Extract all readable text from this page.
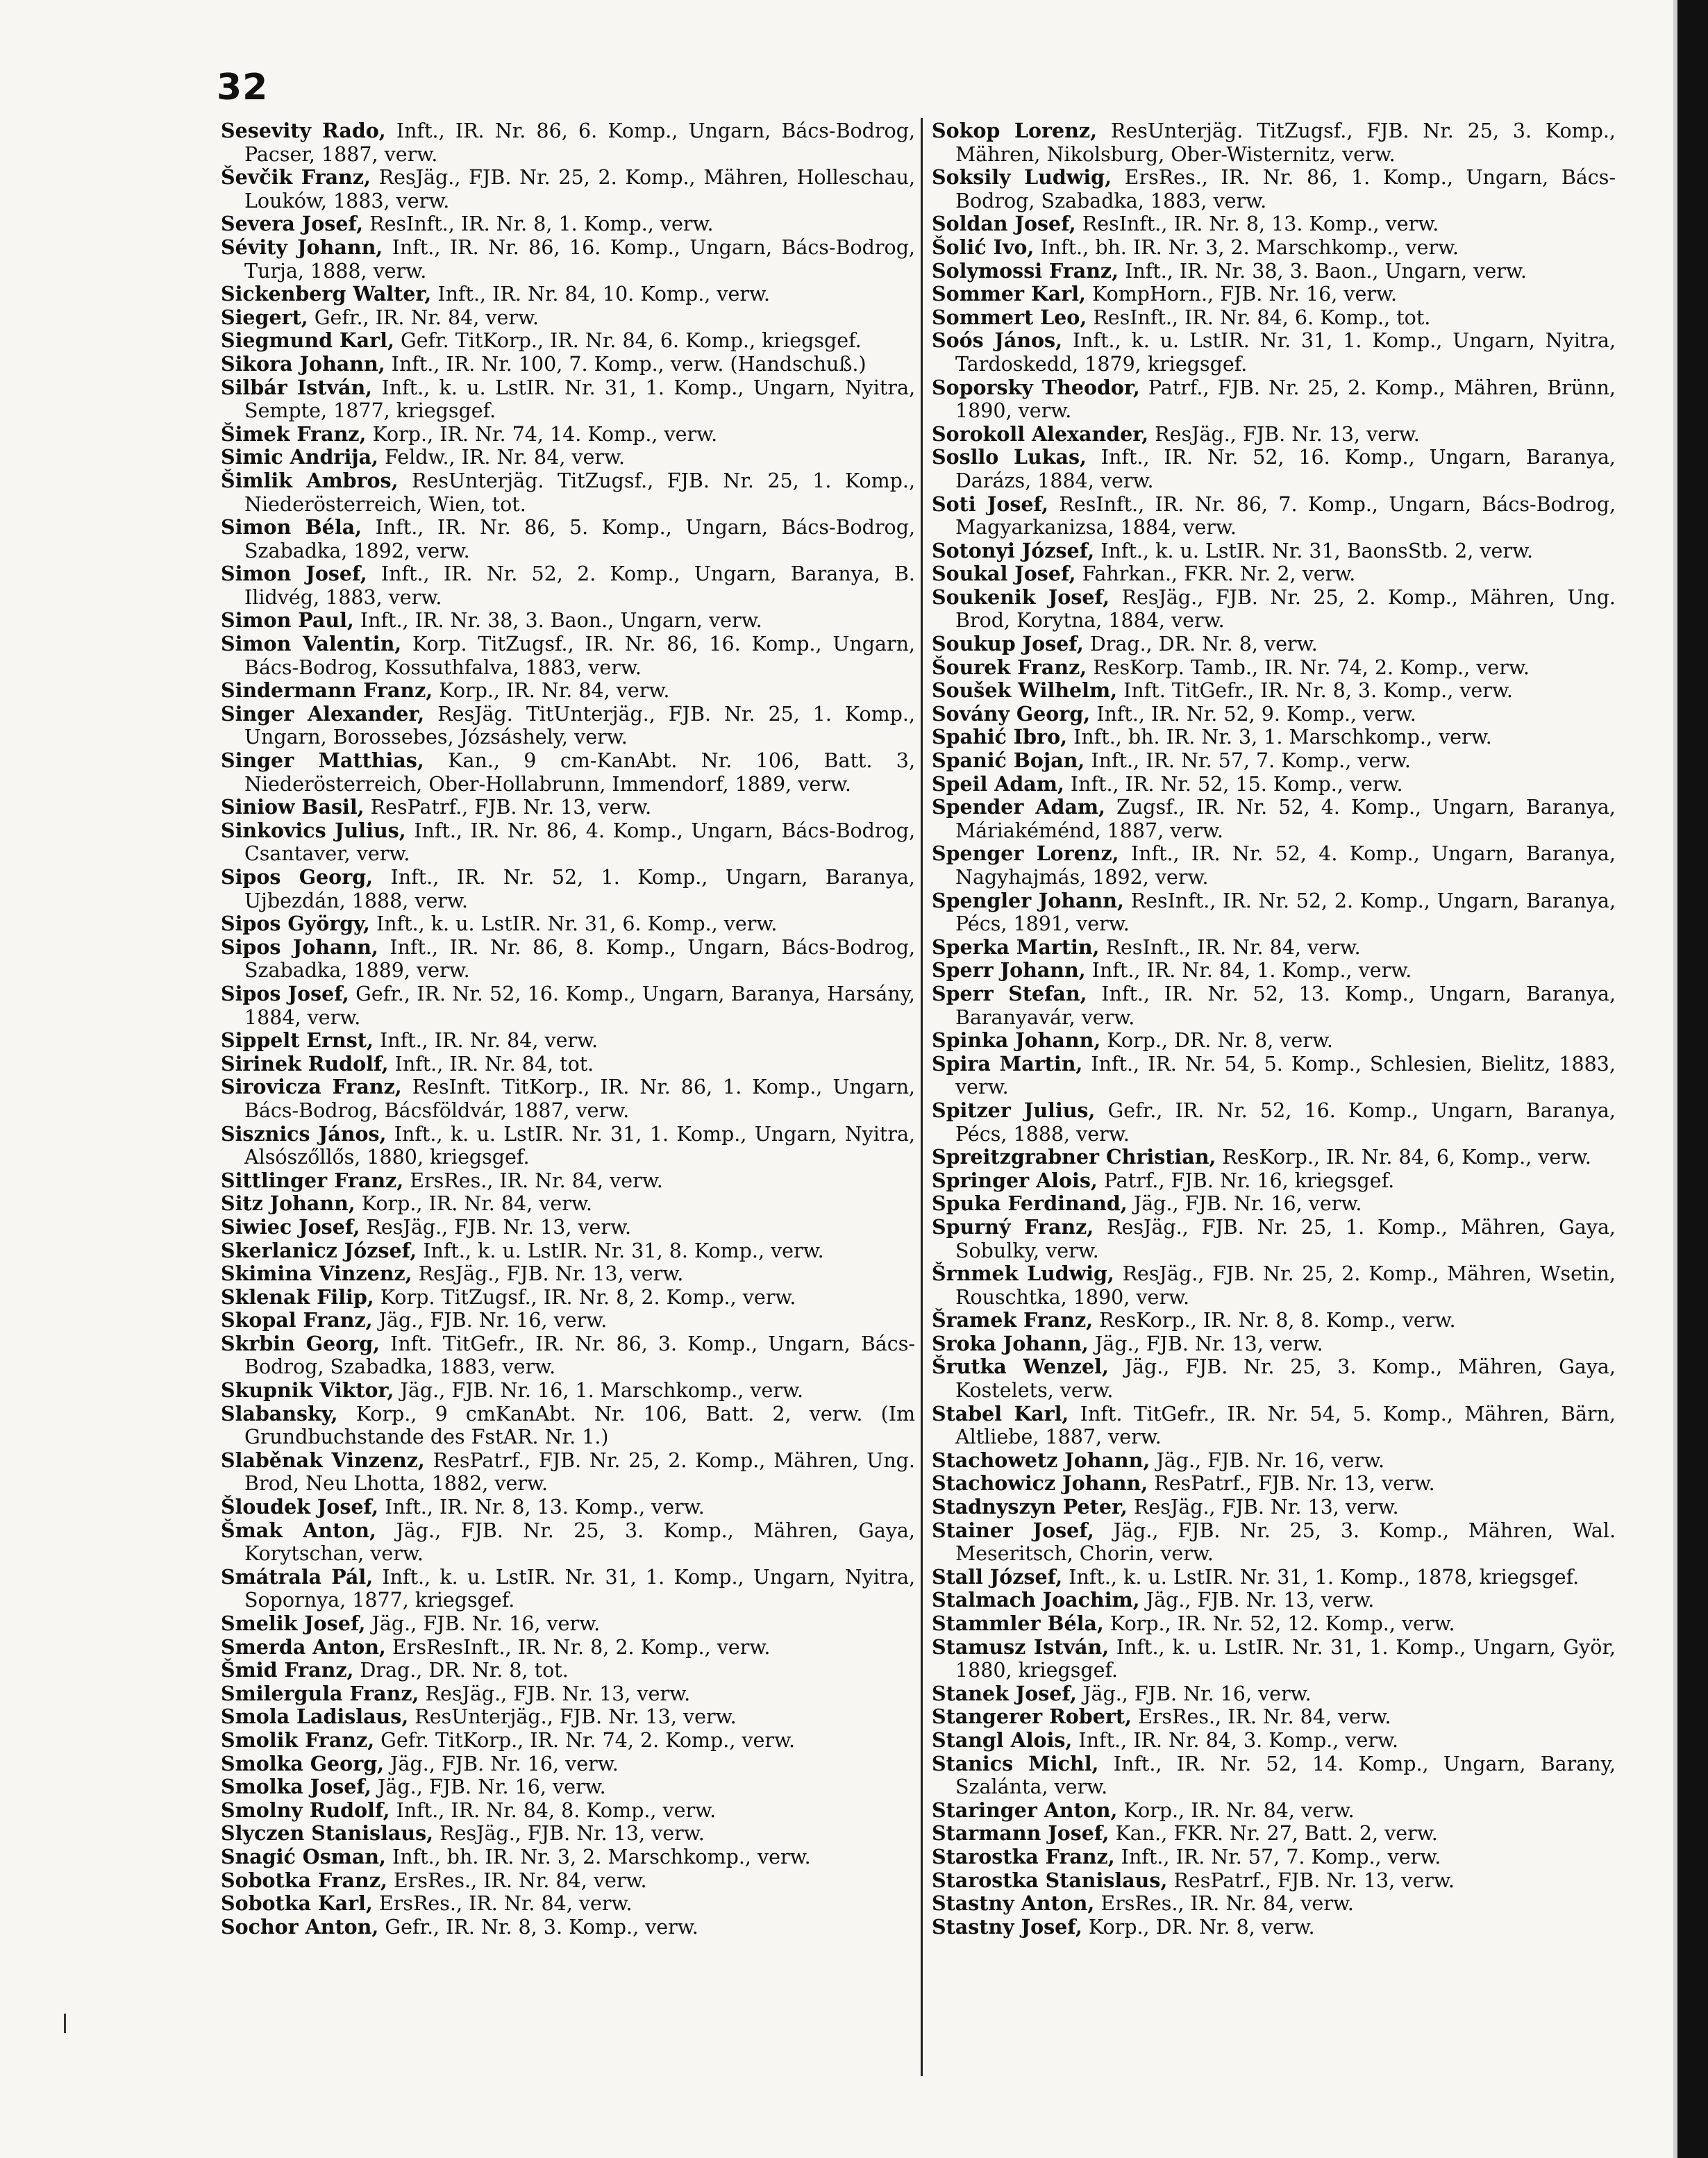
32

Sesevity Rado, Inft., IR. Nr. 86, 6. Komp., Ungarn, Bács-Bodrog, Pacser, 1887, verw.

Ševčik Franz, ResJäg., FJB. Nr. 25, 2. Komp., Mähren, Holleschau, Louków, 1883, verw.

Severa Josef, ResInft., IR. Nr. 8, 1. Komp., verw.

Sévity Johann, Inft., IR. Nr. 86, 16. Komp., Ungarn, Bács-Bodrog, Turja, 1888, verw.

Sickenberg Walter, Inft., IR. Nr. 84, 10. Komp., verw.

Siegert, Gefr., IR. Nr. 84, verw.

Siegmund Karl, Gefr. TitKorp., IR. Nr. 84, 6. Komp., kriegsgef.

Sikora Johann, Inft., IR. Nr. 100, 7. Komp., verw. (Handschuß.)

Silbár István, Inft., k. u. LstIR. Nr. 31, 1. Komp., Ungarn, Nyitra, Sempte, 1877, kriegsgef.

Šimek Franz, Korp., IR. Nr. 74, 14. Komp., verw.

Simic Andrija, Feldw., IR. Nr. 84, verw.

Šimlik Ambros, ResUnterjäg. TitZugsf., FJB. Nr. 25, 1. Komp., Niederösterreich, Wien, tot.

Simon Béla, Inft., IR. Nr. 86, 5. Komp., Ungarn, Bács-Bodrog, Szabadka, 1892, verw.

Simon Josef, Inft., IR. Nr. 52, 2. Komp., Ungarn, Baranya, B. Ilidvég, 1883, verw.

Simon Paul, Inft., IR. Nr. 38, 3. Baon., Ungarn, verw.

Simon Valentin, Korp. TitZugsf., IR. Nr. 86, 16. Komp., Ungarn, Bács-Bodrog, Kossuthfalva, 1883, verw.

Sindermann Franz, Korp., IR. Nr. 84, verw.

Singer Alexander, ResJäg. TitUnterjäg., FJB. Nr. 25, 1. Komp., Ungarn, Borossebes, Józsáshely, verw.

Singer Matthias, Kan., 9 cm-KanAbt. Nr. 106, Batt. 3, Niederösterreich, Ober-Hollabrunn, Immendorf, 1889, verw.

Siniow Basil, ResPatrf., FJB. Nr. 13, verw.

Sinkovics Julius, Inft., IR. Nr. 86, 4. Komp., Ungarn, Bács-Bodrog, Csantaver, verw.

Sipos Georg, Inft., IR. Nr. 52, 1. Komp., Ungarn, Baranya, Ujbezdán, 1888, verw.

Sipos György, Inft., k. u. LstIR. Nr. 31, 6. Komp., verw.

Sipos Johann, Inft., IR. Nr. 86, 8. Komp., Ungarn, Bács-Bodrog, Szabadka, 1889, verw.

Sipos Josef, Gefr., IR. Nr. 52, 16. Komp., Ungarn, Baranya, Harsány, 1884, verw.

Sippelt Ernst, Inft., IR. Nr. 84, verw.

Sirinek Rudolf, Inft., IR. Nr. 84, tot.

Sirovicza Franz, ResInft. TitKorp., IR. Nr. 86, 1. Komp., Ungarn, Bács-Bodrog, Bácsföldvár, 1887, verw.

Sisznics János, Inft., k. u. LstIR. Nr. 31, 1. Komp., Ungarn, Nyitra, Alsószőllős, 1880, kriegsgef.

Sittlinger Franz, ErsRes., IR. Nr. 84, verw.

Sitz Johann, Korp., IR. Nr. 84, verw.

Siwiec Josef, ResJäg., FJB. Nr. 13, verw.

Skerlanicz József, Inft., k. u. LstIR. Nr. 31, 8. Komp., verw.

Skimina Vinzenz, ResJäg., FJB. Nr. 13, verw.

Sklenak Filip, Korp. TitZugsf., IR. Nr. 8, 2. Komp., verw.

Skopal Franz, Jäg., FJB. Nr. 16, verw.

Skrbin Georg, Inft. TitGefr., IR. Nr. 86, 3. Komp., Ungarn, Bács-Bodrog, Szabadka, 1883, verw.

Skupnik Viktor, Jäg., FJB. Nr. 16, 1. Marschkomp., verw.

Slabansky, Korp., 9 cmKanAbt. Nr. 106, Batt. 2, verw. (Im Grundbuchstande des FstAR. Nr. 1.)

Slaběnak Vinzenz, ResPatrf., FJB. Nr. 25, 2. Komp., Mähren, Ung. Brod, Neu Lhotta, 1882, verw.

Šloudek Josef, Inft., IR. Nr. 8, 13. Komp., verw.

Šmak Anton, Jäg., FJB. Nr. 25, 3. Komp., Mähren, Gaya, Korytschan, verw.

Smátrala Pál, Inft., k. u. LstIR. Nr. 31, 1. Komp., Ungarn, Nyitra, Sopornya, 1877, kriegsgef.

Smelik Josef, Jäg., FJB. Nr. 16, verw.

Smerda Anton, ErsResInft., IR. Nr. 8, 2. Komp., verw.

Šmid Franz, Drag., DR. Nr. 8, tot.

Smilergula Franz, ResJäg., FJB. Nr. 13, verw.

Smola Ladislaus, ResUnterjäg., FJB. Nr. 13, verw.

Smolik Franz, Gefr. TitKorp., IR. Nr. 74, 2. Komp., verw.

Smolka Georg, Jäg., FJB. Nr. 16, verw.

Smolka Josef, Jäg., FJB. Nr. 16, verw.

Smolny Rudolf, Inft., IR. Nr. 84, 8. Komp., verw.

Slyczen Stanislaus, ResJäg., FJB. Nr. 13, verw.

Snagić Osman, Inft., bh. IR. Nr. 3, 2. Marschkomp., verw.

Sobotka Franz, ErsRes., IR. Nr. 84, verw.

Sobotka Karl, ErsRes., IR. Nr. 84, verw.

Sochor Anton, Gefr., IR. Nr. 8, 3. Komp., verw.

Sokop Lorenz, ResUnterjäg. TitZugsf., FJB. Nr. 25, 3. Komp., Mähren, Nikolsburg, Ober-Wisternitz, verw.

Soksily Ludwig, ErsRes., IR. Nr. 86, 1. Komp., Ungarn, Bács-Bodrog, Szabadka, 1883, verw.

Soldan Josef, ResInft., IR. Nr. 8, 13. Komp., verw.

Šolić Ivo, Inft., bh. IR. Nr. 3, 2. Marschkomp., verw.

Solymossi Franz, Inft., IR. Nr. 38, 3. Baon., Ungarn, verw.

Sommer Karl, KompHorn., FJB. Nr. 16, verw.

Sommert Leo, ResInft., IR. Nr. 84, 6. Komp., tot.

Soós János, Inft., k. u. LstIR. Nr. 31, 1. Komp., Ungarn, Nyitra, Tardoskedd, 1879, kriegsgef.

Soporsky Theodor, Patrf., FJB. Nr. 25, 2. Komp., Mähren, Brünn, 1890, verw.

Sorokoll Alexander, ResJäg., FJB. Nr. 13, verw.

Sosllo Lukas, Inft., IR. Nr. 52, 16. Komp., Ungarn, Baranya, Darázs, 1884, verw.

Soti Josef, ResInft., IR. Nr. 86, 7. Komp., Ungarn, Bács-Bodrog, Magyarkanizsa, 1884, verw.

Sotonyi József, Inft., k. u. LstIR. Nr. 31, BaonsStb. 2, verw.

Soukal Josef, Fahrkan., FKR. Nr. 2, verw.

Soukenik Josef, ResJäg., FJB. Nr. 25, 2. Komp., Mähren, Ung. Brod, Korytna, 1884, verw.

Soukup Josef, Drag., DR. Nr. 8, verw.

Šourek Franz, ResKorp. Tamb., IR. Nr. 74, 2. Komp., verw.

Soušek Wilhelm, Inft. TitGefr., IR. Nr. 8, 3. Komp., verw.

Sovány Georg, Inft., IR. Nr. 52, 9. Komp., verw.

Spahić Ibro, Inft., bh. IR. Nr. 3, 1. Marschkomp., verw.

Spanić Bojan, Inft., IR. Nr. 57, 7. Komp., verw.

Speil Adam, Inft., IR. Nr. 52, 15. Komp., verw.

Spender Adam, Zugsf., IR. Nr. 52, 4. Komp., Ungarn, Baranya, Máriakéménd, 1887, verw.

Spenger Lorenz, Inft., IR. Nr. 52, 4. Komp., Ungarn, Baranya, Nagyhajmás, 1892, verw.

Spengler Johann, ResInft., IR. Nr. 52, 2. Komp., Ungarn, Baranya, Pécs, 1891, verw.

Sperka Martin, ResInft., IR. Nr. 84, verw.

Sperr Johann, Inft., IR. Nr. 84, 1. Komp., verw.

Sperr Stefan, Inft., IR. Nr. 52, 13. Komp., Ungarn, Baranya, Baranyavár, verw.

Spinka Johann, Korp., DR. Nr. 8, verw.

Spira Martin, Inft., IR. Nr. 54, 5. Komp., Schlesien, Bielitz, 1883, verw.

Spitzer Julius, Gefr., IR. Nr. 52, 16. Komp., Ungarn, Baranya, Pécs, 1888, verw.

Spreitzgrabner Christian, ResKorp., IR. Nr. 84, 6, Komp., verw.

Springer Alois, Patrf., FJB. Nr. 16, kriegsgef.

Spuka Ferdinand, Jäg., FJB. Nr. 16, verw.

Spurný Franz, ResJäg., FJB. Nr. 25, 1. Komp., Mähren, Gaya, Sobulky, verw.

Šrnmek Ludwig, ResJäg., FJB. Nr. 25, 2. Komp., Mähren, Wsetin, Rouschtka, 1890, verw.

Šramek Franz, ResKorp., IR. Nr. 8, 8. Komp., verw.

Sroka Johann, Jäg., FJB. Nr. 13, verw.

Šrutka Wenzel, Jäg., FJB. Nr. 25, 3. Komp., Mähren, Gaya, Kostelets, verw.

Stabel Karl, Inft. TitGefr., IR. Nr. 54, 5. Komp., Mähren, Bärn, Altliebe, 1887, verw.

Stachowetz Johann, Jäg., FJB. Nr. 16, verw.

Stachowicz Johann, ResPatrf., FJB. Nr. 13, verw.

Stadnyszyn Peter, ResJäg., FJB. Nr. 13, verw.

Stainer Josef, Jäg., FJB. Nr. 25, 3. Komp., Mähren, Wal. Meseritsch, Chorin, verw.

Stall József, Inft., k. u. LstIR. Nr. 31, 1. Komp., 1878, kriegsgef.

Stalmach Joachim, Jäg., FJB. Nr. 13, verw.

Stammler Béla, Korp., IR. Nr. 52, 12. Komp., verw.

Stamusz István, Inft., k. u. LstIR. Nr. 31, 1. Komp., Ungarn, Györ, 1880, kriegsgef.

Stanek Josef, Jäg., FJB. Nr. 16, verw.

Stangerer Robert, ErsRes., IR. Nr. 84, verw.

Stangl Alois, Inft., IR. Nr. 84, 3. Komp., verw.

Stanics Michl, Inft., IR. Nr. 52, 14. Komp., Ungarn, Barany, Szalánta, verw.

Staringer Anton, Korp., IR. Nr. 84, verw.

Starmann Josef, Kan., FKR. Nr. 27, Batt. 2, verw.

Starostka Franz, Inft., IR. Nr. 57, 7. Komp., verw.

Starostka Stanislaus, ResPatrf., FJB. Nr. 13, verw.

Stastny Anton, ErsRes., IR. Nr. 84, verw.

Stastny Josef, Korp., DR. Nr. 8, verw.
